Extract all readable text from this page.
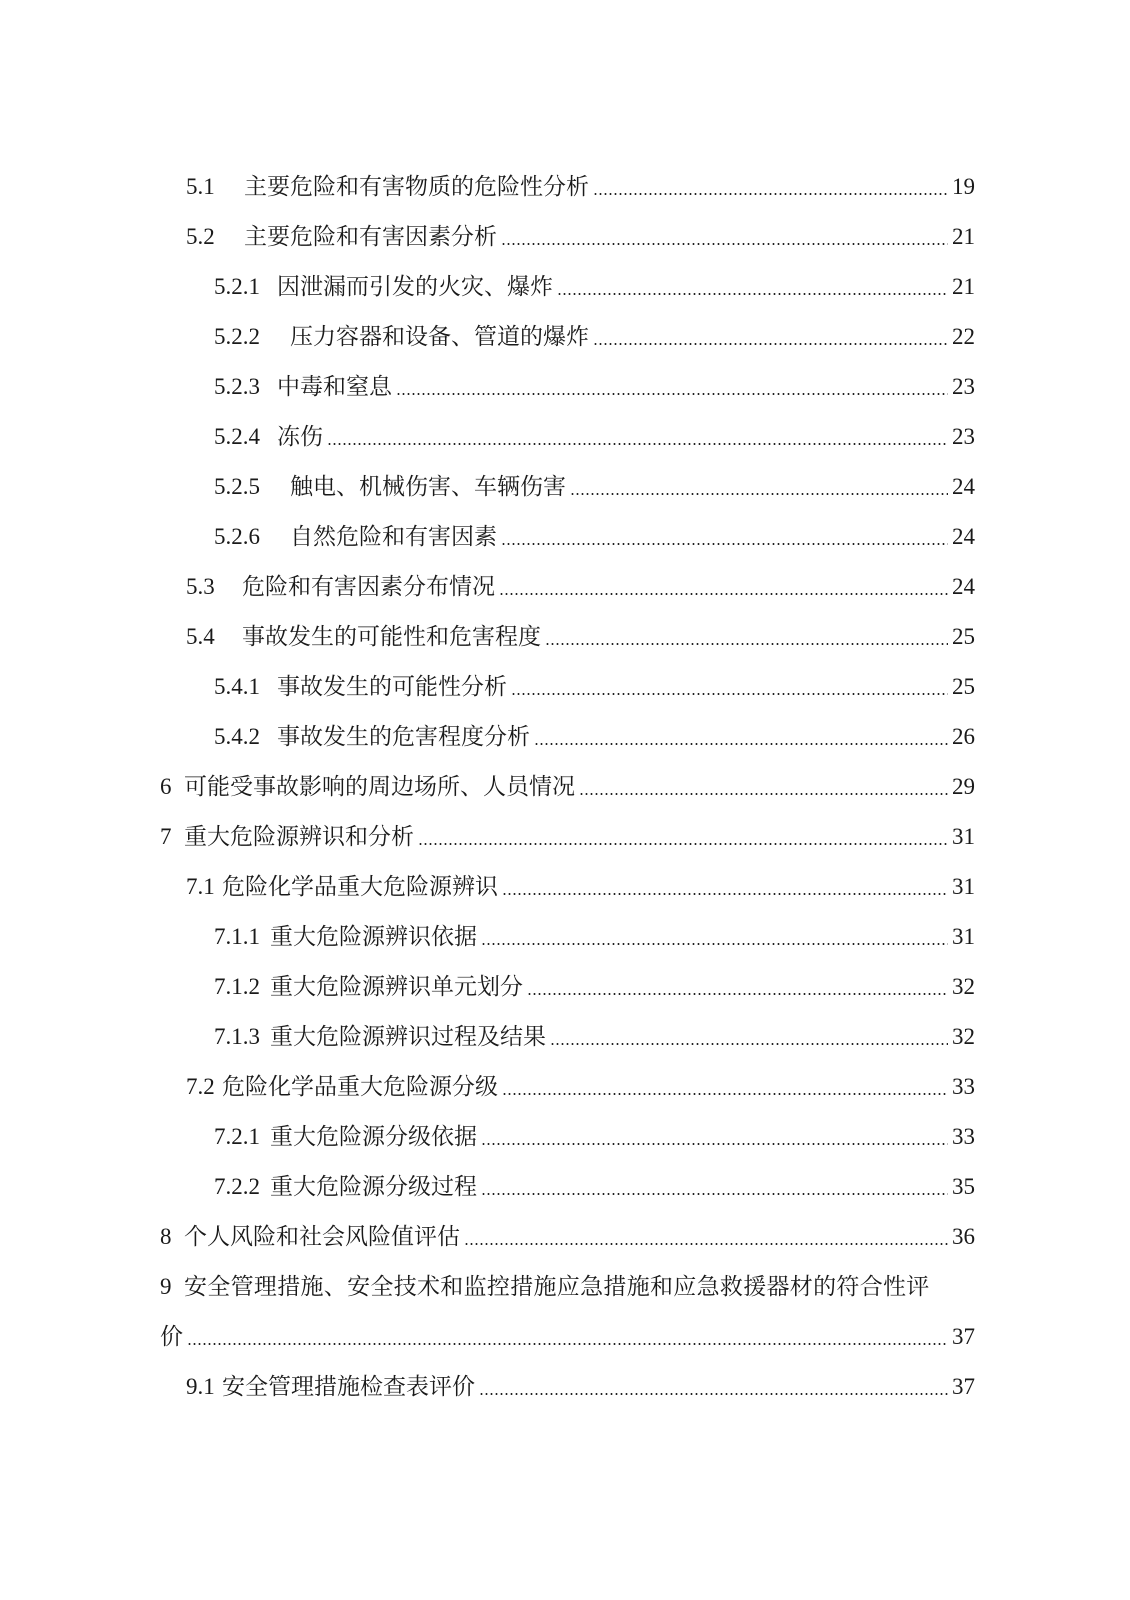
5.1	主要危险和有害物质的危险性分析	19
5.2	主要危险和有害因素分析	21
5.2.1 因泄漏而引发的火灾、爆炸	21
5.2.2	压力容器和设备、管道的爆炸	22
5.2.3 中毒和窒息	23
5.2.4 冻伤	23
5.2.5	触电、机械伤害、车辆伤害	24
5.2.6	自然危险和有害因素	24
5.3	危险和有害因素分布情况	24
5.4	事故发生的可能性和危害程度	25
5.4.1 事故发生的可能性分析	25
5.4.2 事故发生的危害程度分析	26
6 可能受事故影响的周边场所、人员情况	29
7 重大危险源辨识和分析	31
7.1 危险化学品重大危险源辨识	31
7.1.1 重大危险源辨识依据	31
7.1.2 重大危险源辨识单元划分	32
7.1.3 重大危险源辨识过程及结果	32
7.2 危险化学品重大危险源分级	33
7.2.1 重大危险源分级依据	33
7.2.2 重大危险源分级过程	35
8 个人风险和社会风险值评估	36
9 安全管理措施、安全技术和监控措施应急措施和应急救援器材的符合性评
价	37
9.1 安全管理措施检查表评价	37
